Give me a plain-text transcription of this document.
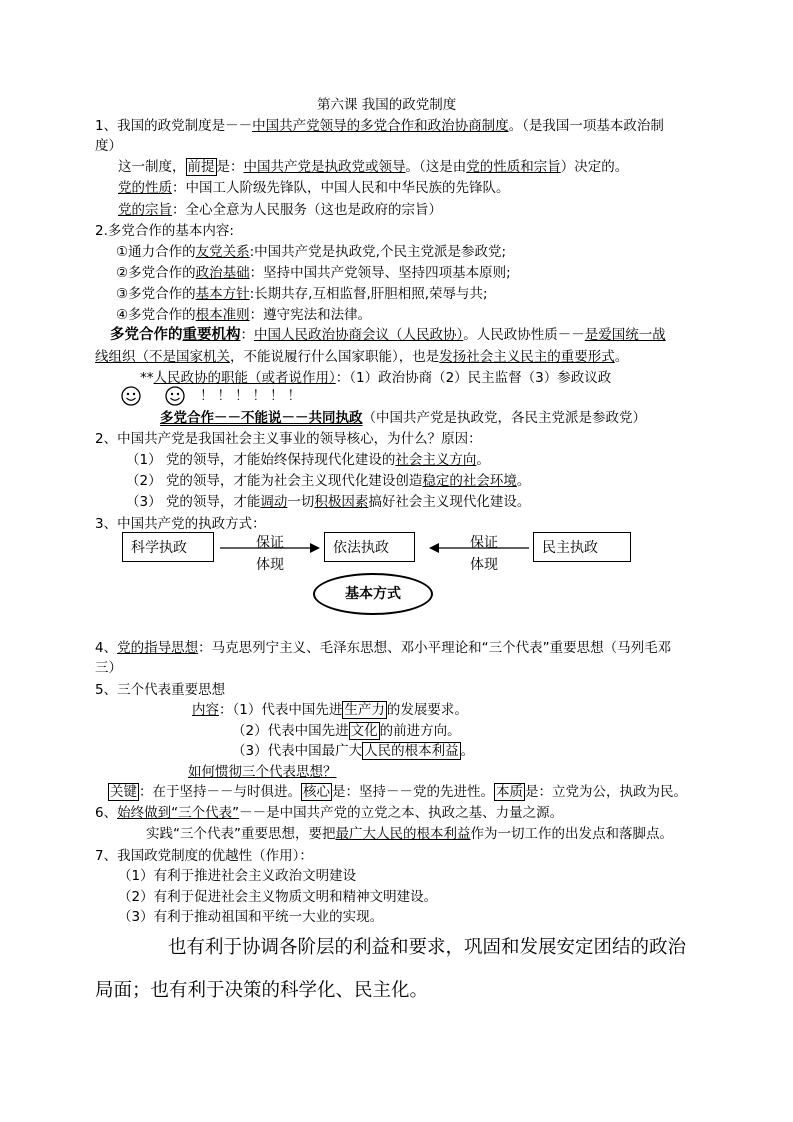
第六课 我国的政党制度
1、我国的政党制度是－－中国共产党领导的多党合作和政治协商制度。（是我国一项基本政治制
度）
这一制度， 前提 是：中国共产党是执政党或领导。（这是由党的性质和宗旨）决定的。
党的性质：中国工人阶级先锋队，中国人民和中华民族的先锋队。
党的宗旨：全心全意为人民服务（这也是政府的宗旨）
2.多党合作的基本内容:
①通力合作的友党关系:中国共产党是执政党,个民主党派是参政党;
②多党合作的政治基础：坚持中国共产党领导、坚持四项基本原则;
③多党合作的基本方针:长期共存,互相监督,肝胆相照,荣辱与共;
④多党合作的根本准则：遵守宪法和法律。
多党合作的重要机构：中国人民政治协商会议（人民政协）。人民政协性质－－是爱国统一战
线组织（不是国家机关，不能说履行什么国家职能），也是发扬社会主义民主的重要形式。
**人民政协的职能（或者说作用）：（1）政治协商（2）民主监督（3）参政议政
！！！！！！
多党合作－－不能说－－共同执政（中国共产党是执政党，各民主党派是参政党）
2、中国共产党是我国社会主义事业的领导核心，为什么？原因：
（1） 党的领导，才能始终保持现代化建设的社会主义方向。
（2） 党的领导，才能为社会主义现代化建设创造稳定的社会环境。
（3） 党的领导，才能调动一切积极因素搞好社会主义现代化建设。
3、中国共产党的执政方式：
科学执政	依法执政	民主执政
保证
体现
保证
体现
基本方式
4、党的指导思想：马克思列宁主义、毛泽东思想、邓小平理论和“三个代表”重要思想（马列毛邓
三）
5、三个代表重要思想
内容：（1）代表中国先进 生产力 的发展要求。
（2）代表中国先进 文化 的前进方向。
（3）代表中国最广大 人民的根本利益 。
如何惯彻三个代表思想？
关键 ：在于坚持－－与时俱进。 核心 是：坚持－－党的先进性。 本质 是：立党为公，执政为民。
6、始终做到“三个代表”－－是中国共产党的立党之本、执政之基、力量之源。
实践“三个代表”重要思想，要把最广大人民的根本利益作为一切工作的出发点和落脚点。
7、我国政党制度的优越性（作用）：
（1）有利于推进社会主义政治文明建设
（2）有利于促进社会主义物质文明和精神文明建设。
（3）有利于推动祖国和平统一大业的实现。
也有利于协调各阶层的利益和要求，巩固和发展安定团结的政治
局面；也有利于决策的科学化、民主化。
